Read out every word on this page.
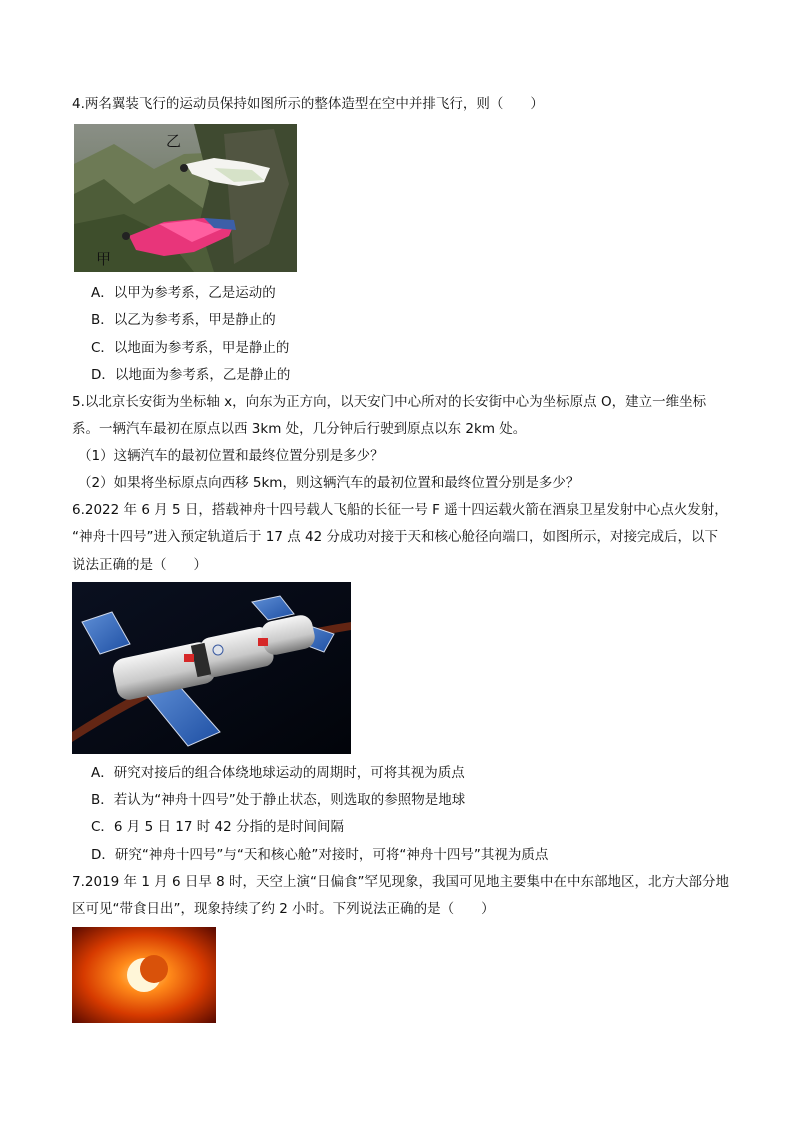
4.两名翼装飞行的运动员保持如图所示的整体造型在空中并排飞行，则（　　）
乙
甲
A．以甲为参考系，乙是运动的
B．以乙为参考系，甲是静止的
C．以地面为参考系，甲是静止的
D．以地面为参考系，乙是静止的
5.以北京长安街为坐标轴 x，向东为正方向，以天安门中心所对的长安街中心为坐标原点 O，建立一维坐标
系。一辆汽车最初在原点以西 3km 处，几分钟后行驶到原点以东 2km 处。
（1）这辆汽车的最初位置和最终位置分别是多少？
（2）如果将坐标原点向西移 5km，则这辆汽车的最初位置和最终位置分别是多少？
6.2022 年 6 月 5 日，搭载神舟十四号载人飞船的长征一号 F 遥十四运载火箭在酒泉卫星发射中心点火发射，
“神舟十四号”进入预定轨道后于 17 点 42 分成功对接于天和核心舱径向端口，如图所示，对接完成后，以下
说法正确的是（　　）
A．研究对接后的组合体绕地球运动的周期时，可将其视为质点
B．若认为“神舟十四号”处于静止状态，则选取的参照物是地球
C．6 月 5 日 17 时 42 分指的是时间间隔
D．研究“神舟十四号”与“天和核心舱”对接时，可将“神舟十四号”其视为质点
7.2019 年 1 月 6 日早 8 时，天空上演“日偏食”罕见现象，我国可见地主要集中在中东部地区，北方大部分地
区可见“带食日出”，现象持续了约 2 小时。下列说法正确的是（　　）
